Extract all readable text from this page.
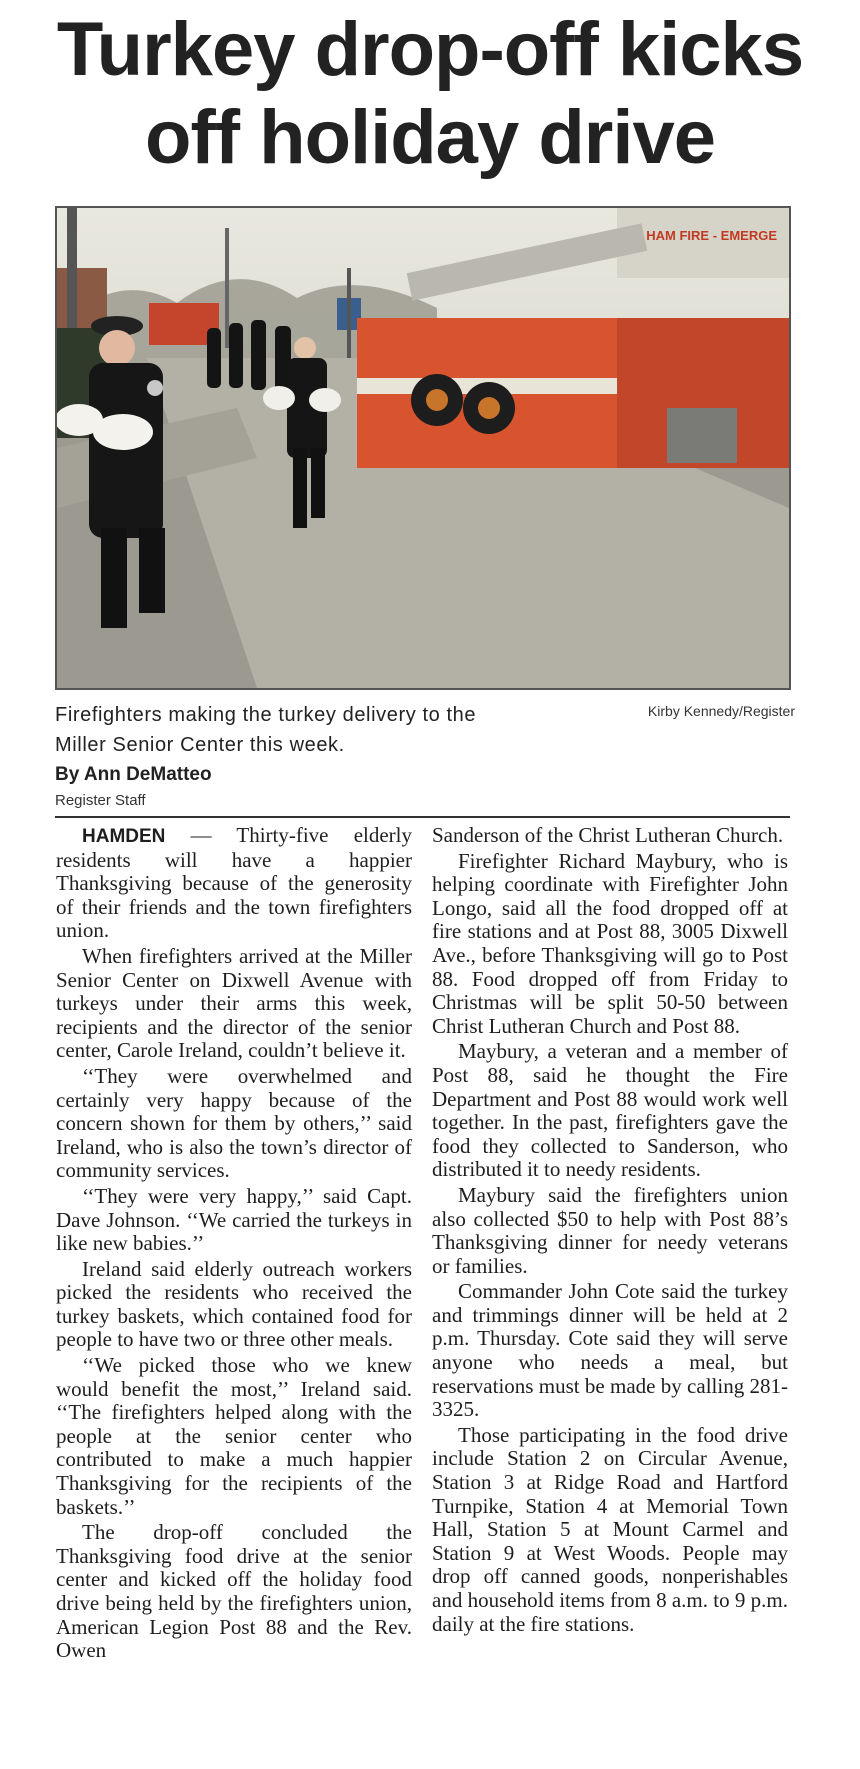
Turkey drop-off kicks
off holiday drive
HAM FIRE - EMERGE
Firefighters making the turkey delivery to the
Miller Senior Center this week.
Kirby Kennedy/Register
By Ann DeMatteo
Register Staff

HAMDEN — Thirty-five elderly residents will have a happier Thanksgiving because of the generosity of their friends and the town firefighters union.

When firefighters arrived at the Miller Senior Center on Dixwell Avenue with turkeys under their arms this week, recipients and the director of the senior center, Carole Ireland, couldn’t believe it.

‘‘They were overwhelmed and certainly very happy because of the concern shown for them by others,’’ said Ireland, who is also the town’s director of community services.

‘‘They were very happy,’’ said Capt. Dave Johnson. ‘‘We carried the turkeys in like new babies.’’

Ireland said elderly outreach workers picked the residents who received the turkey baskets, which contained food for people to have two or three other meals.

‘‘We picked those who we knew would benefit the most,’’ Ireland said. ‘‘The firefighters helped along with the people at the senior center who contributed to make a much happier Thanksgiving for the recipients of the baskets.’’

The drop-off concluded the Thanksgiving food drive at the senior center and kicked off the holiday food drive being held by the firefighters union, American Legion Post 88 and the Rev. Owen

Sanderson of the Christ Lutheran Church.

Firefighter Richard Maybury, who is helping coordinate with Firefighter John Longo, said all the food dropped off at fire stations and at Post 88, 3005 Dixwell Ave., before Thanksgiving will go to Post 88. Food dropped off from Friday to Christmas will be split 50-50 between Christ Lutheran Church and Post 88.

Maybury, a veteran and a member of Post 88, said he thought the Fire Department and Post 88 would work well together. In the past, firefighters gave the food they collected to Sanderson, who distributed it to needy residents.

Maybury said the firefighters union also collected $50 to help with Post 88’s Thanksgiving dinner for needy veterans or families.

Commander John Cote said the turkey and trimmings dinner will be held at 2 p.m. Thursday. Cote said they will serve anyone who needs a meal, but reservations must be made by calling 281-3325.

Those participating in the food drive include Station 2 on Circular Avenue, Station 3 at Ridge Road and Hartford Turnpike, Station 4 at Memorial Town Hall, Station 5 at Mount Carmel and Station 9 at West Woods. People may drop off canned goods, nonperishables and household items from 8 a.m. to 9 p.m. daily at the fire stations.
